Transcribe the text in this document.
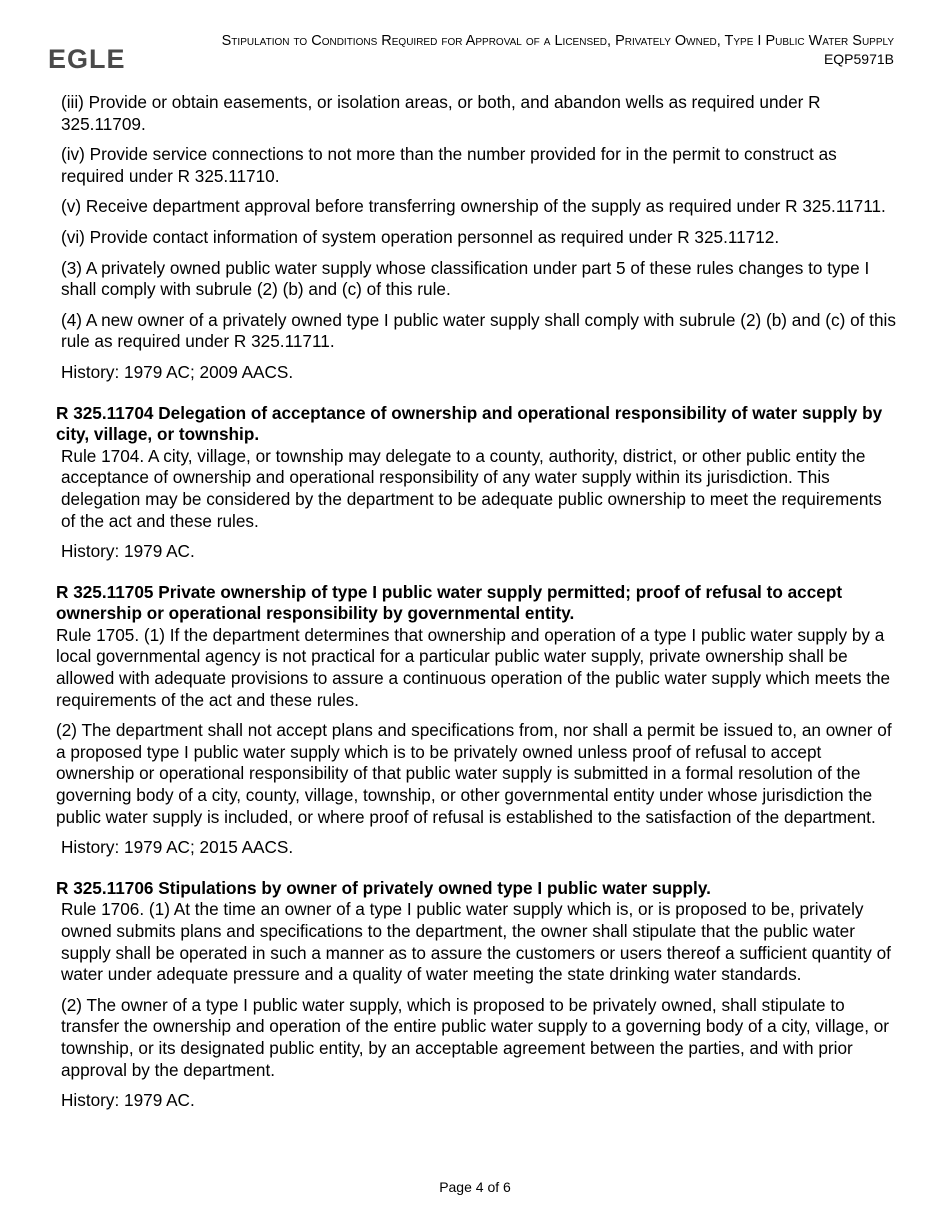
EGLE
Stipulation to Conditions Required for Approval of a Licensed, Privately Owned, Type I Public Water Supply
EQP5971B

(iii) Provide or obtain easements, or isolation areas, or both, and abandon wells as required under R 325.11709.

(iv) Provide service connections to not more than the number provided for in the permit to construct as required under R 325.11710.

(v) Receive department approval before transferring ownership of the supply as required under R 325.11711.

(vi) Provide contact information of system operation personnel as required under R 325.11712.

(3) A privately owned public water supply whose classification under part 5 of these rules changes to type I shall comply with subrule (2) (b) and (c) of this rule.

(4) A new owner of a privately owned type I public water supply shall comply with subrule (2) (b) and (c) of this rule as required under R 325.11711.

History: 1979 AC; 2009 AACS.

R 325.11704 Delegation of acceptance of ownership and operational responsibility of water supply by city, village, or township.

Rule 1704. A city, village, or township may delegate to a county, authority, district, or other public entity the acceptance of ownership and operational responsibility of any water supply within its jurisdiction. This delegation may be considered by the department to be adequate public ownership to meet the requirements of the act and these rules.

History: 1979 AC.

R 325.11705 Private ownership of type I public water supply permitted; proof of refusal to accept ownership or operational responsibility by governmental entity.

Rule 1705. (1) If the department determines that ownership and operation of a type I public water supply by a local governmental agency is not practical for a particular public water supply, private ownership shall be allowed with adequate provisions to assure a continuous operation of the public water supply which meets the requirements of the act and these rules.

(2) The department shall not accept plans and specifications from, nor shall a permit be issued to, an owner of a proposed type I public water supply which is to be privately owned unless proof of refusal to accept ownership or operational responsibility of that public water supply is submitted in a formal resolution of the governing body of a city, county, village, township, or other governmental entity under whose jurisdiction the public water supply is included, or where proof of refusal is established to the satisfaction of the department.

History: 1979 AC; 2015 AACS.

R 325.11706 Stipulations by owner of privately owned type I public water supply.

Rule 1706. (1) At the time an owner of a type I public water supply which is, or is proposed to be, privately owned submits plans and specifications to the department, the owner shall stipulate that the public water supply shall be operated in such a manner as to assure the customers or users thereof a sufficient quantity of water under adequate pressure and a quality of water meeting the state drinking water standards.

(2) The owner of a type I public water supply, which is proposed to be privately owned, shall stipulate to transfer the ownership and operation of the entire public water supply to a governing body of a city, village, or township, or its designated public entity, by an acceptable agreement between the parties, and with prior approval by the department.

History: 1979 AC.

Page 4 of 6
